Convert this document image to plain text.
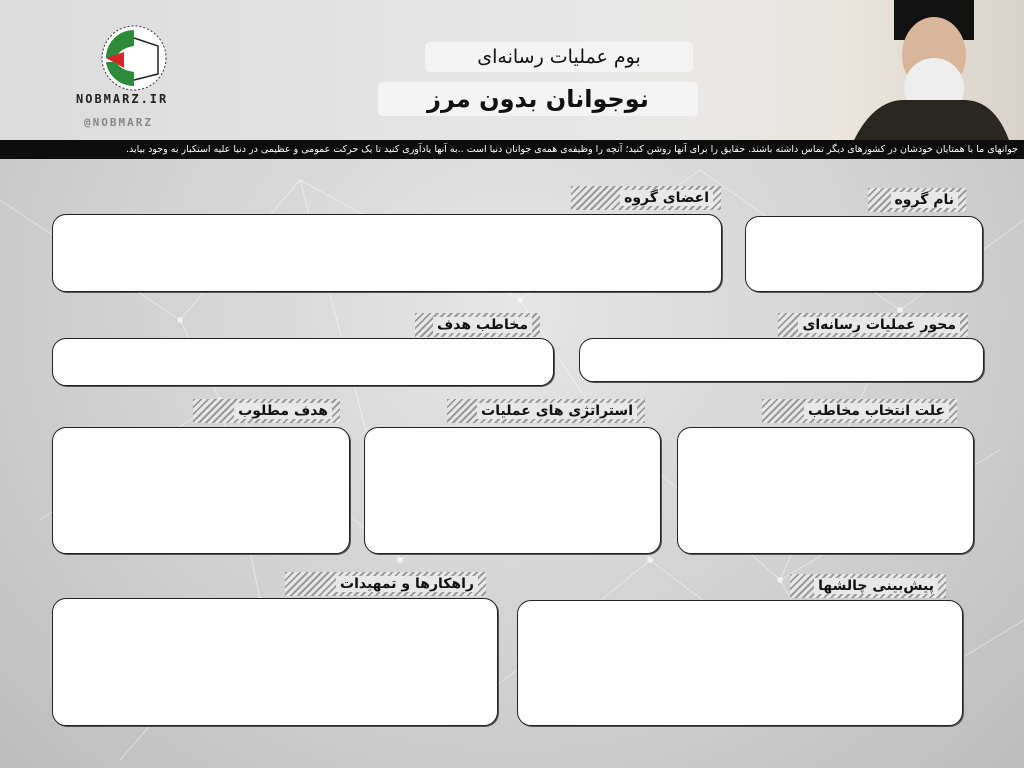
NOBMARZ.IR
@NOBMARZ
بوم عملیات رسانه‌ای
نوجوانان بدون مرز
جوانهای ما با همتایان خودشان در کشورهای دیگر تماس داشته باشند. حقایق را برای آنها روشن کنید؛ آنچه را وظیفه‌ی همه‌ی جوانان دنیا است ..به آنها یادآوری کنید تا یک حرکت عمومی و عظیمی در دنیا علیه استکبار به وجود بیاید.
نام گروه
اعضای گروه
محور عملیات رسانه‌ای
مخاطب هدف
علت انتخاب مخاطب
استراتژی های عملیات
هدف مطلوب
پیش‌بینی چالشها
راهکارها و تمهیدات
